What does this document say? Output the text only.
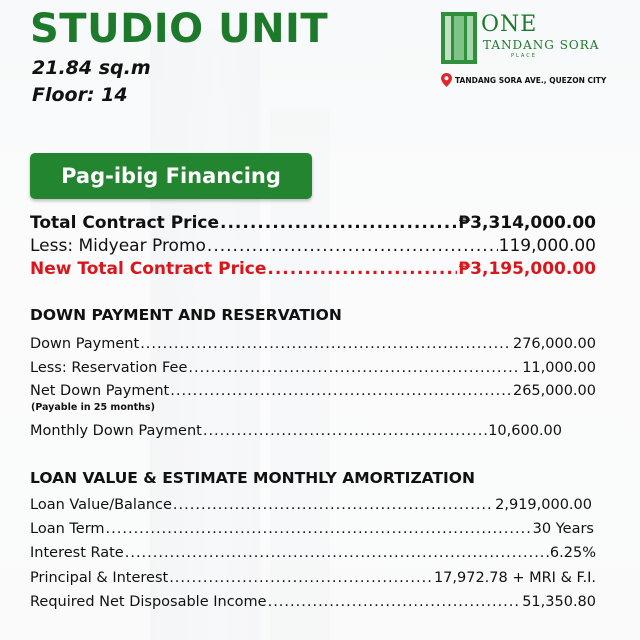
STUDIO UNIT
21.84 sq.m
Floor: 14
ONE
TANDANG SORA
PLACE
TANDANG SORA AVE., QUEZON CITY
Pag-ibig Financing
Total Contract Price .....	₱3,314,000.00
Less: Midyear Promo .....	119,000.00
New Total Contract Price .....	₱3,195,000.00
DOWN PAYMENT AND RESERVATION
Down Payment .....	276,000.00
Less: Reservation Fee .....	11,000.00
Net Down Payment .....	265,000.00
(Payable in 25 months)
Monthly Down Payment .....	10,600.00
LOAN VALUE & ESTIMATE MONTHLY AMORTIZATION
Loan Value/Balance .....	2,919,000.00
Loan Term .....	30 Years
Interest Rate .....	6.25%
Principal & Interest .....	17,972.78 + MRI & F.I.
Required Net Disposable Income .....	51,350.80
